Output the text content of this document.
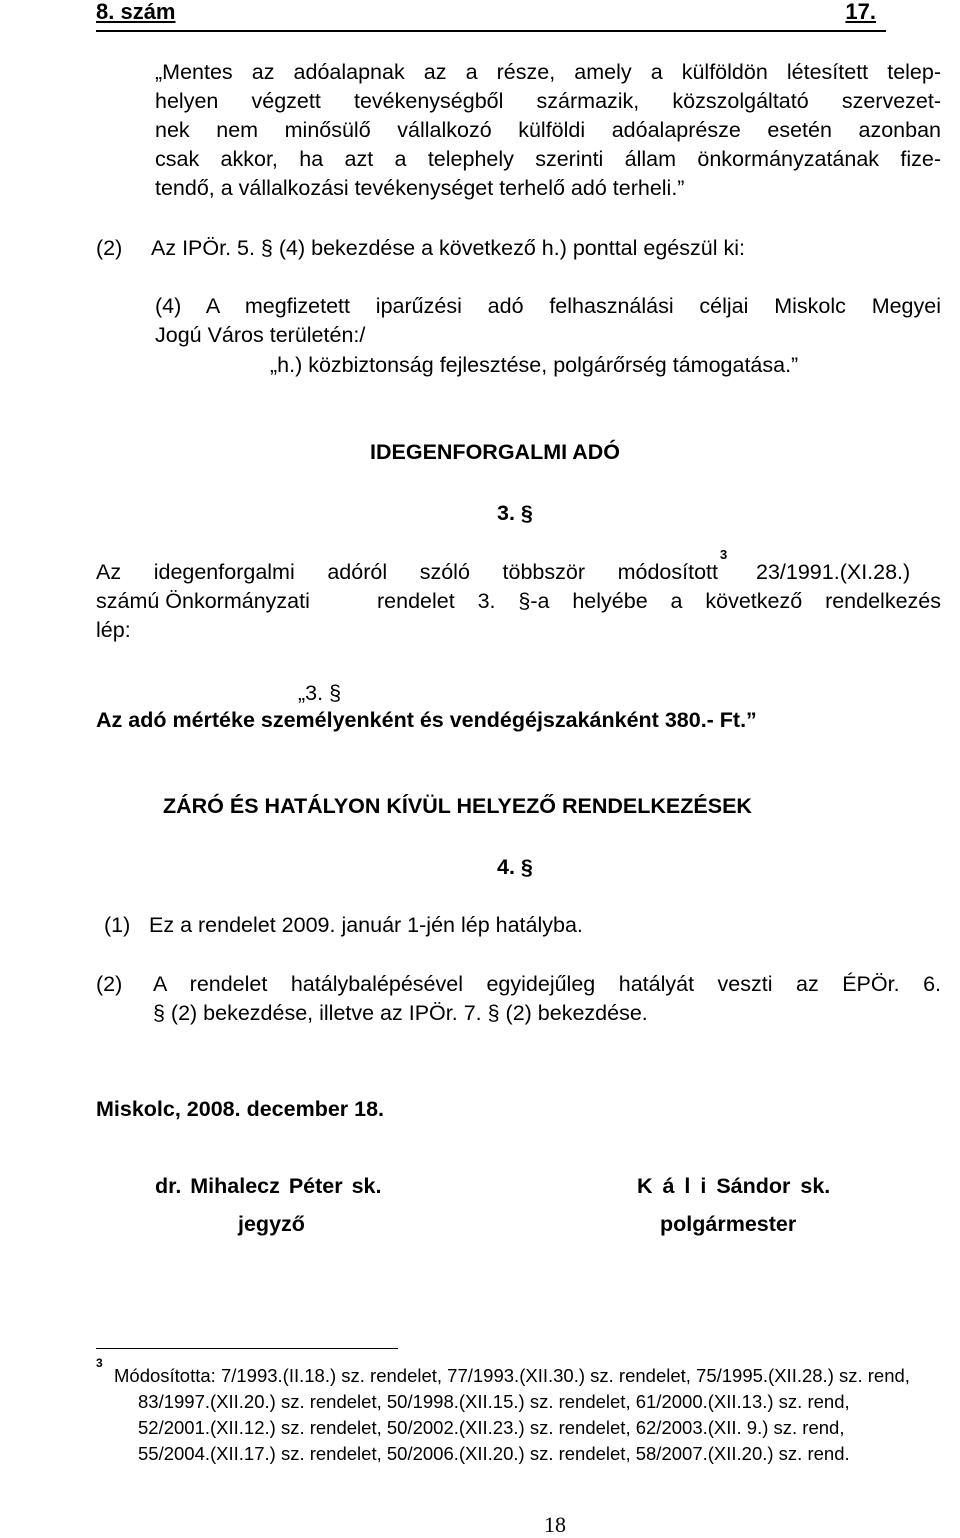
8. szám	17.
„Mentes az adóalapnak az a része, amely a külföldön létesített telep-
helyen végzett tevékenységből származik, közszolgáltató szervezet-
nek nem minősülő vállalkozó külföldi adóalaprésze esetén azonban
csak akkor, ha azt a telephely szerinti állam önkormányzatának fize-
tendő, a vállalkozási tevékenységet terhelő adó terheli.”
(2) Az IPÖr. 5. § (4) bekezdése a következő h.) ponttal egészül ki:
(4) A megfizetett iparűzési adó felhasználási céljai Miskolc Megyei
Jogú Város területén:/
„h.) közbiztonság fejlesztése, polgárőrség támogatása.”
IDEGENFORGALMI ADÓ
3. §
Az idegenforgalmi adóról szóló többször módosított
3
23/1991.(XI.28.)
számú Önkormányzati	rendelet 3. §-a helyébe a következő rendelkezés
lép:
„3. §
Az adó mértéke személyenként és vendégéjszakánként 380.- Ft.”
ZÁRÓ ÉS HATÁLYON KÍVÜL HELYEZŐ RENDELKEZÉSEK
4. §
(1) Ez a rendelet 2009. január 1-jén lép hatályba.
(2) A rendelet hatálybalépésével egyidejűleg hatályát veszti az ÉPÖr. 6.
§ (2) bekezdése, illetve az IPÖr. 7. § (2) bekezdése.
Miskolc, 2008. december 18.
dr. Mihalecz Péter sk.
jegyző
K á l i Sándor sk.
polgármester
3
Módosította: 7/1993.(II.18.) sz. rendelet, 77/1993.(XII.30.) sz. rendelet, 75/1995.(XII.28.) sz. rend,
83/1997.(XII.20.) sz. rendelet, 50/1998.(XII.15.) sz. rendelet, 61/2000.(XII.13.) sz. rend,
52/2001.(XII.12.) sz. rendelet, 50/2002.(XII.23.) sz. rendelet, 62/2003.(XII. 9.) sz. rend,
55/2004.(XII.17.) sz. rendelet, 50/2006.(XII.20.) sz. rendelet, 58/2007.(XII.20.) sz. rend.
18
